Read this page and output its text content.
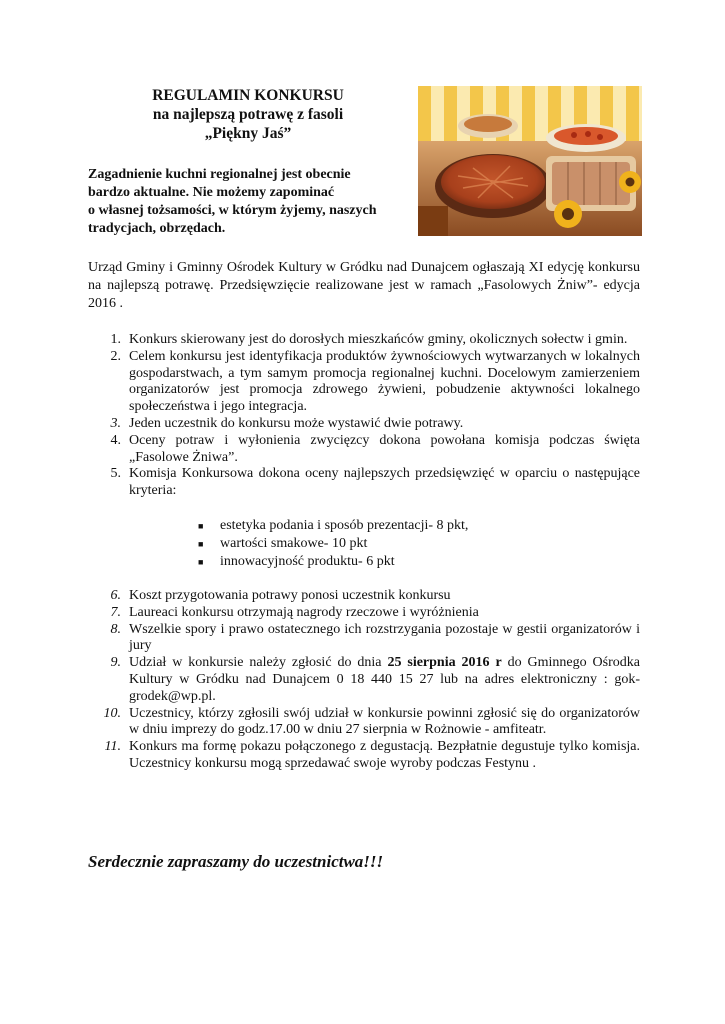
REGULAMIN KONKURSU
na najlepszą potrawę z fasoli
„Piękny Jaś”
Zagadnienie kuchni regionalnej jest obecnie
bardzo aktualne. Nie możemy zapominać
o własnej tożsamości, w którym żyjemy, naszych
tradycjach, obrzędach.
Urząd Gminy i Gminny Ośrodek Kultury w Gródku nad Dunajcem ogłaszają XI edycję konkursu na najlepszą potrawę. Przedsięwzięcie realizowane jest w ramach „Fasolowych Żniw”- edycja 2016 .
1. Konkurs skierowany jest do dorosłych mieszkańców gminy, okolicznych sołectw i gmin.
2. Celem konkursu jest identyfikacja produktów żywnościowych wytwarzanych w lokalnych gospodarstwach, a tym samym promocja regionalnej kuchni. Docelowym zamierzeniem organizatorów jest promocja zdrowego żywieni, pobudzenie aktywności lokalnego społeczeństwa i jego integracja.
3. Jeden uczestnik do konkursu może wystawić dwie potrawy.
4. Oceny potraw i wyłonienia zwycięzcy dokona powołana komisja podczas święta „Fasolowe Żniwa”.
5. Komisja Konkursowa dokona oceny najlepszych przedsięwzięć w oparciu o następujące kryteria:
■	estetyka podania i sposób prezentacji- 8 pkt,
■	wartości smakowe- 10 pkt
■	innowacyjność produktu- 6 pkt
6. Koszt przygotowania potrawy ponosi uczestnik konkursu
7. Laureaci konkursu otrzymają nagrody rzeczowe i wyróżnienia
8. Wszelkie spory i prawo ostatecznego ich rozstrzygania pozostaje w gestii organizatorów i jury
9. Udział w konkursie należy zgłosić do dnia 25 sierpnia 2016 r do Gminnego Ośrodka Kultury w Gródku nad Dunajcem 0 18 440 15 27 lub na adres elektroniczny : gok-grodek@wp.pl.
10. Uczestnicy, którzy zgłosili swój udział w konkursie powinni zgłosić się do organizatorów w dniu imprezy do godz.17.00 w dniu 27 sierpnia w Rożnowie - amfiteatr.
11. Konkurs ma formę pokazu połączonego z degustacją. Bezpłatnie degustuje tylko komisja. Uczestnicy konkursu mogą sprzedawać swoje wyroby podczas Festynu .
Serdecznie zapraszamy do uczestnictwa!!!
